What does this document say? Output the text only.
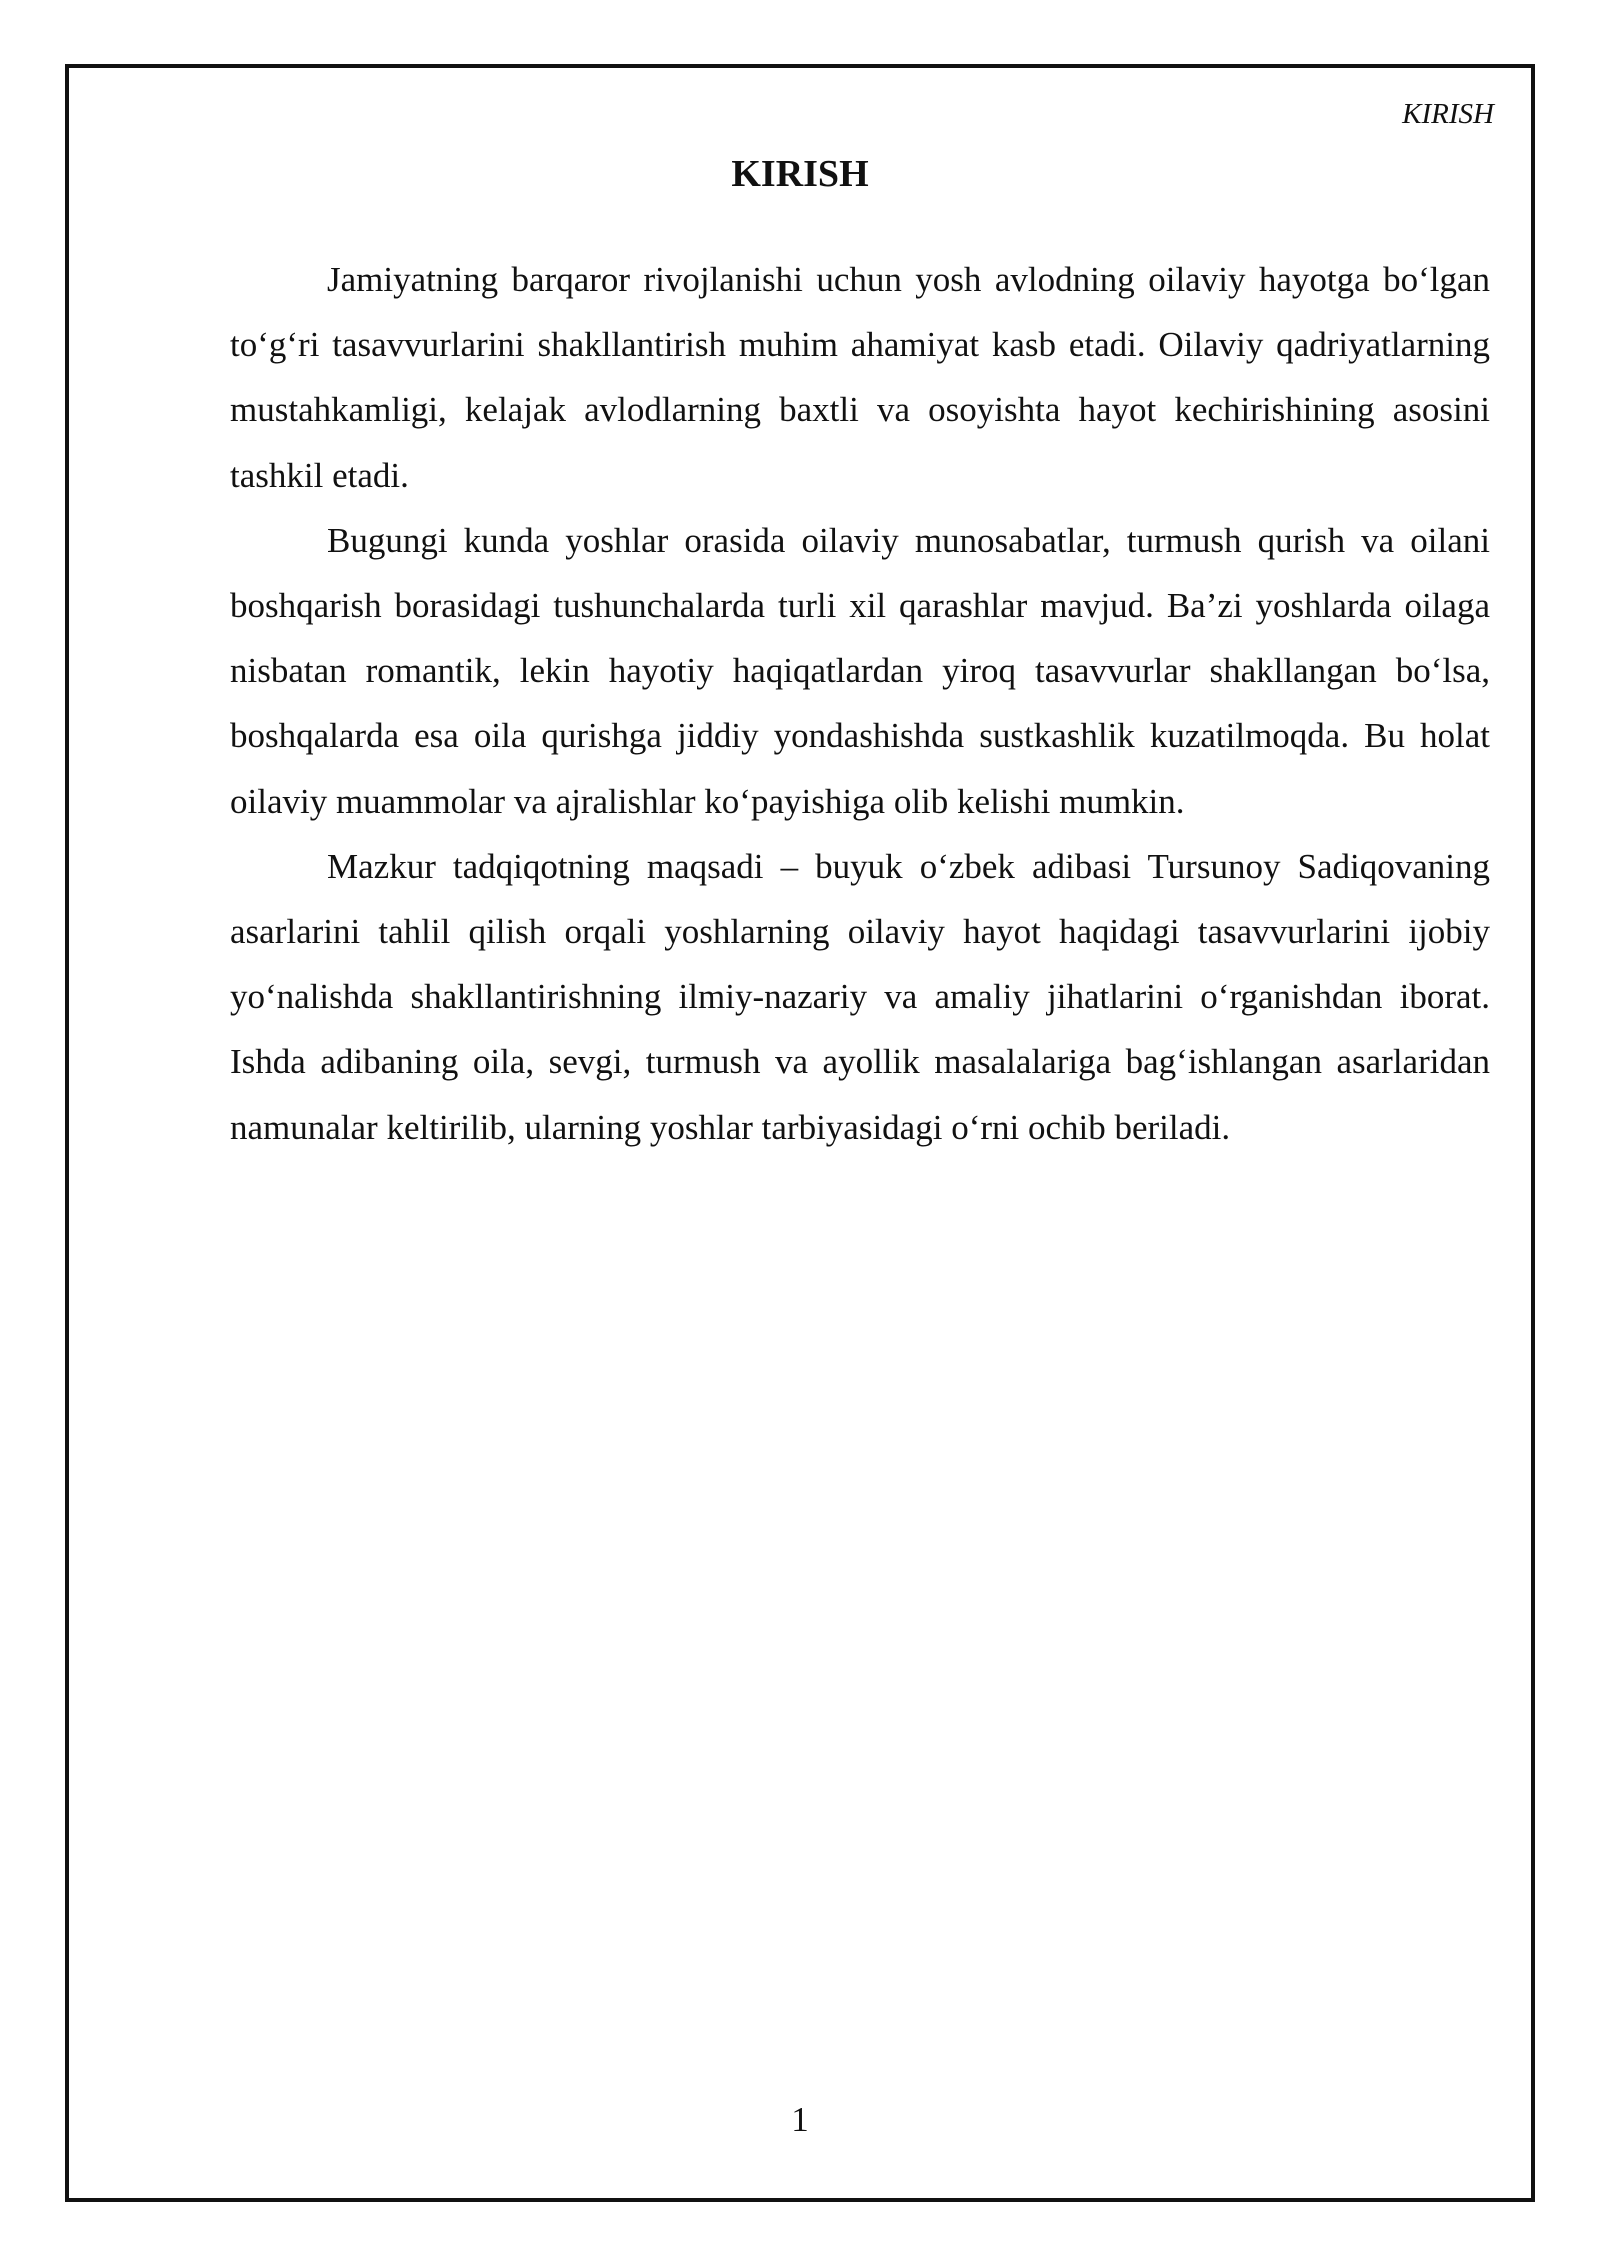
KIRISH
KIRISH

Jamiyatning barqaror rivojlanishi uchun yosh avlodning oilaviy hayotga bo‘lgan to‘g‘ri tasavvurlarini shakllantirish muhim ahamiyat kasb etadi. Oilaviy qadriyatlarning mustahkamligi, kelajak avlodlarning baxtli va osoyishta hayot kechirishining asosini tashkil etadi.

Bugungi kunda yoshlar orasida oilaviy munosabatlar, turmush qurish va oilani boshqarish borasidagi tushunchalarda turli xil qarashlar mavjud. Ba’zi yoshlarda oilaga nisbatan romantik, lekin hayotiy haqiqatlardan yiroq tasavvurlar shakllangan bo‘lsa, boshqalarda esa oila qurishga jiddiy yondashishda sustkashlik kuzatilmoqda. Bu holat oilaviy muammolar va ajralishlar ko‘payishiga olib kelishi mumkin.

Mazkur tadqiqotning maqsadi – buyuk o‘zbek adibasi Tursunoy Sadiqovaning asarlarini tahlil qilish orqali yoshlarning oilaviy hayot haqidagi tasavvurlarini ijobiy yo‘nalishda shakllantirishning ilmiy-nazariy va amaliy jihatlarini o‘rganishdan iborat. Ishda adibaning oila, sevgi, turmush va ayollik masalalariga bag‘ishlangan asarlaridan namunalar keltirilib, ularning yoshlar tarbiyasidagi o‘rni ochib beriladi.

1
